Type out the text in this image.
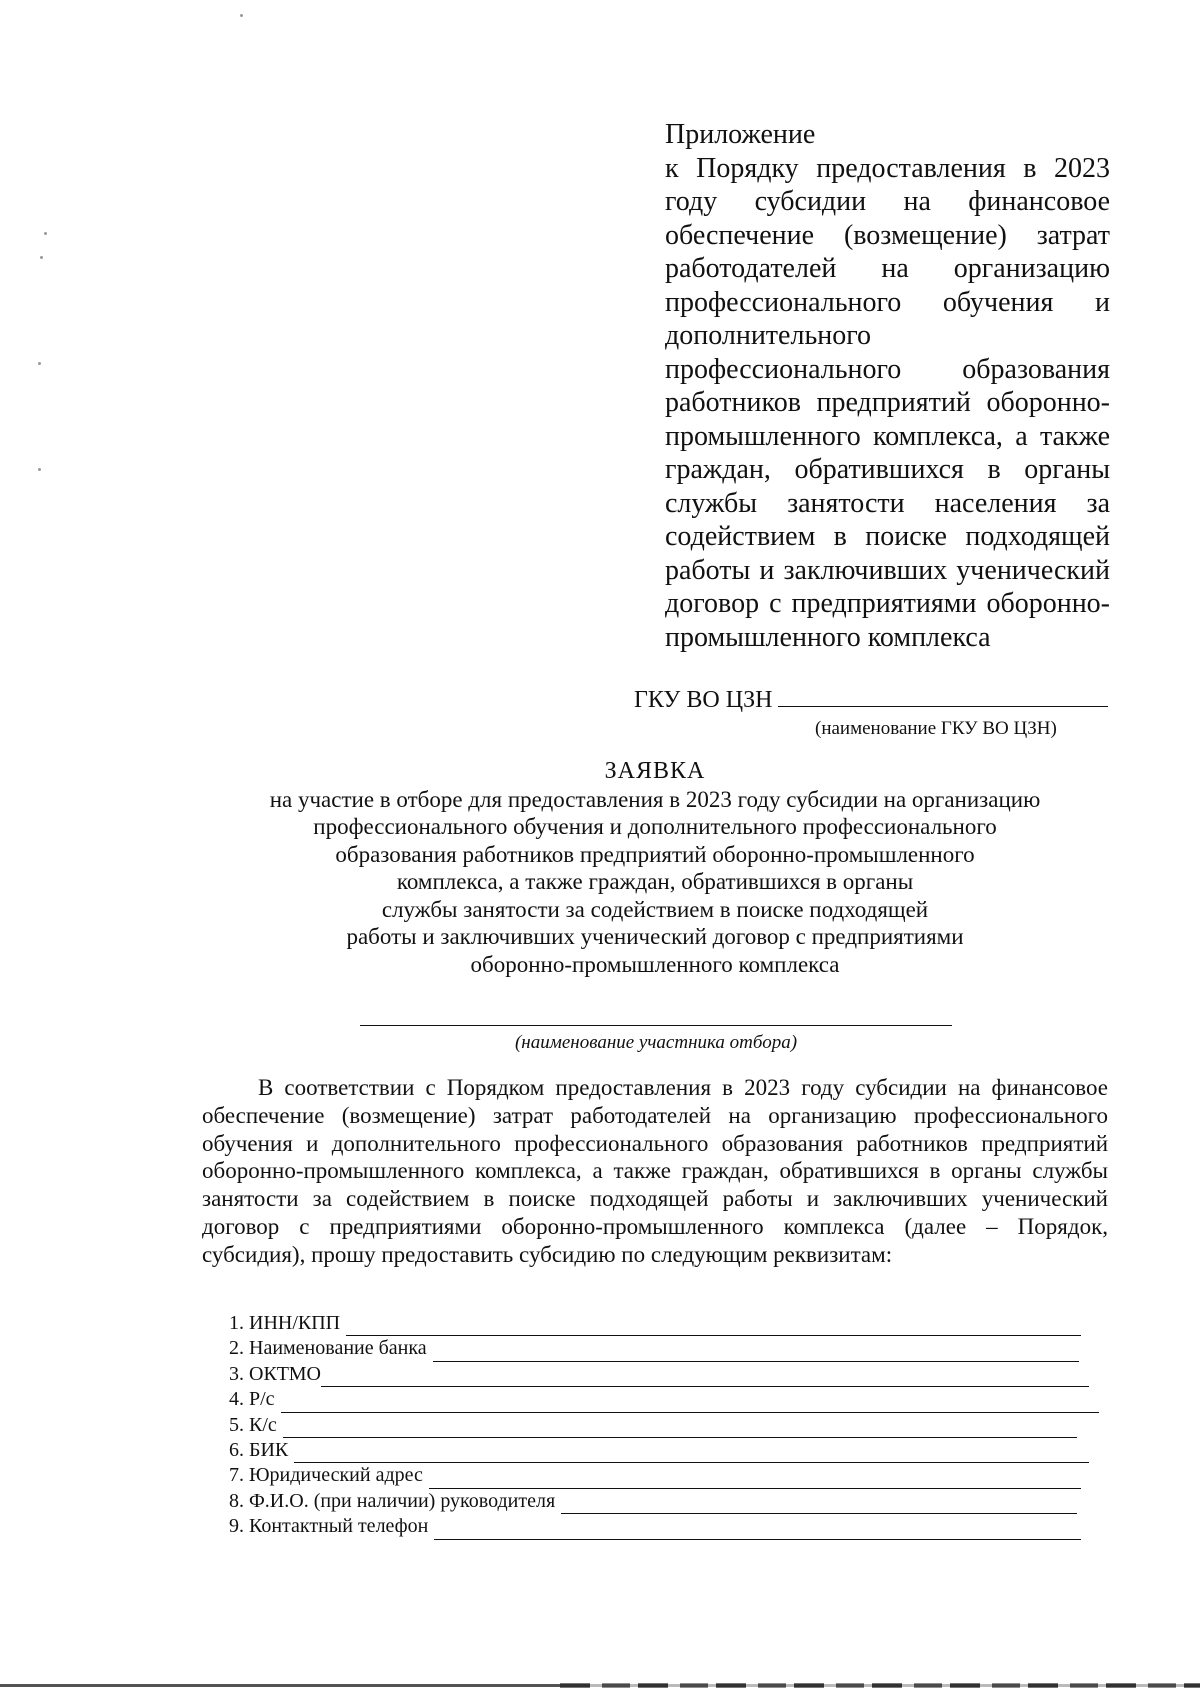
Приложение
к Порядку предоставления в 2023 году субсидии на финансовое обеспечение (возмещение) затрат работодателей на организацию профессионального обучения и дополнительного профессионального образования работников предприятий оборонно-промышленного комплекса, а также граждан, обратившихся в органы службы занятости населения за содействием в поиске подходящей работы и заключивших ученический договор с предприятиями оборонно-промышленного комплекса
ГКУ ВО ЦЗН
(наименование ГКУ ВО ЦЗН)
ЗАЯВКА
на участие в отборе для предоставления в 2023 году субсидии на организацию
профессионального обучения и дополнительного профессионального
образования работников предприятий оборонно-промышленного
комплекса, а также граждан, обратившихся в органы
службы занятости за содействием в поиске подходящей
работы и заключивших ученический договор с предприятиями
оборонно-промышленного комплекса
(наименование участника отбора)
В соответствии с Порядком предоставления в 2023 году субсидии на финансовое обеспечение (возмещение) затрат работодателей на организацию профессионального обучения и дополнительного профессионального образования работников предприятий оборонно-промышленного комплекса, а также граждан, обратившихся в органы службы занятости за содействием в поиске подходящей работы и заключивших ученический договор с предприятиями оборонно-промышленного комплекса (далее – Порядок, субсидия), прошу предоставить субсидию по следующим реквизитам:
1. ИНН/КПП
2. Наименование банка
3. ОКТМО
4. Р/с
5. К/с
6. БИК
7. Юридический адрес
8. Ф.И.О. (при наличии) руководителя
9. Контактный телефон
